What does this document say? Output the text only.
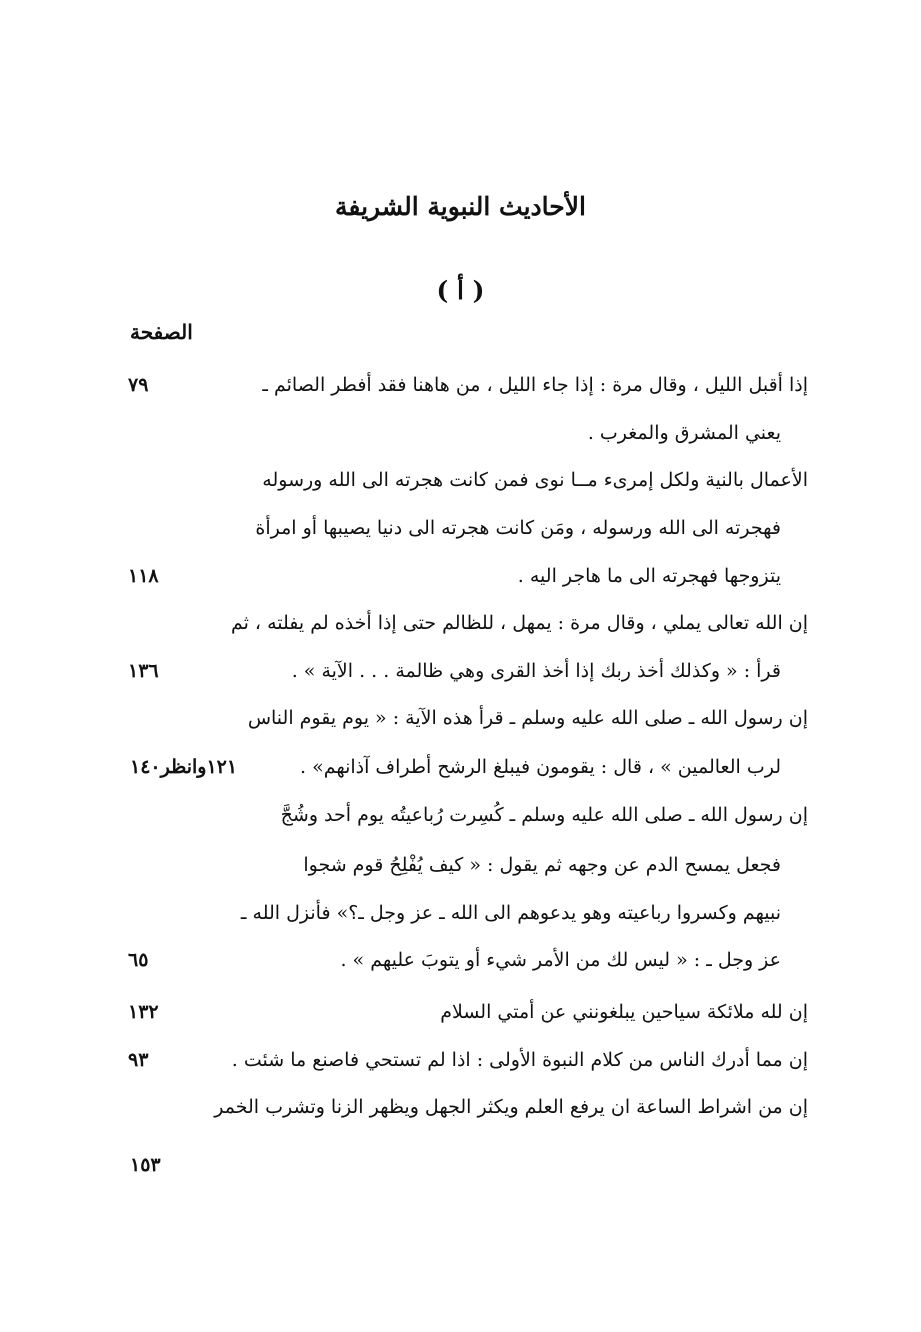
الأحاديث النبوية الشريفة
( أ )
الصفحة
إذا أقبل الليل ، وقال مرة : إذا جاء الليل ، من هاهنا فقد أفطر الصائم ـ
٧٩
يعني المشرق والمغرب .
الأعمال بالنية ولكل إمرىء مــا نوى فمن كانت هجرته الى الله ورسوله
فهجرته الى الله ورسوله ، ومَن كانت هجرته الى دنيا يصيبها أو امرأة
يتزوجها فهجرته الى ما هاجر اليه .
١١٨
إن الله تعالى يملي ، وقال مرة : يمهل ، للظالم حتى إذا أخذه لم يفلته ، ثم
قرأ : « وكذلك أخذ ربك إذا أخذ القرى وهي ظالمة . . . الآية » .
١٣٦
إن رسول الله ـ صلى الله عليه وسلم ـ قرأ هذه الآية : « يوم يقوم الناس
لرب العالمين » ، قال : يقومون فيبلغ الرشح أطراف آذانهم» .
١٢١وانظر١٤٠
إن رسول الله ـ صلى الله عليه وسلم ـ كُسِرت رُباعيتُه يوم أحد وشُجَّ
فجعل يمسح الدم عن وجهه ثم يقول : « كيف يُفْلِحُ قوم شجوا
نبيهم وكسروا رباعيته وهو يدعوهم الى الله ـ عز وجل ـ؟» فأنزل الله ـ
عز وجل ـ : « ليس لك من الأمر شيء أو يتوبَ عليهم » .
٦٥
إن لله ملائكة سياحين يبلغونني عن أمتي السلام
١٣٢
إن مما أدرك الناس من كلام النبوة الأولى : اذا لم تستحي فاصنع ما شئت .
٩٣
إن من اشراط الساعة ان يرفع العلم ويكثر الجهل ويظهر الزنا وتشرب الخمر
١٥٣
